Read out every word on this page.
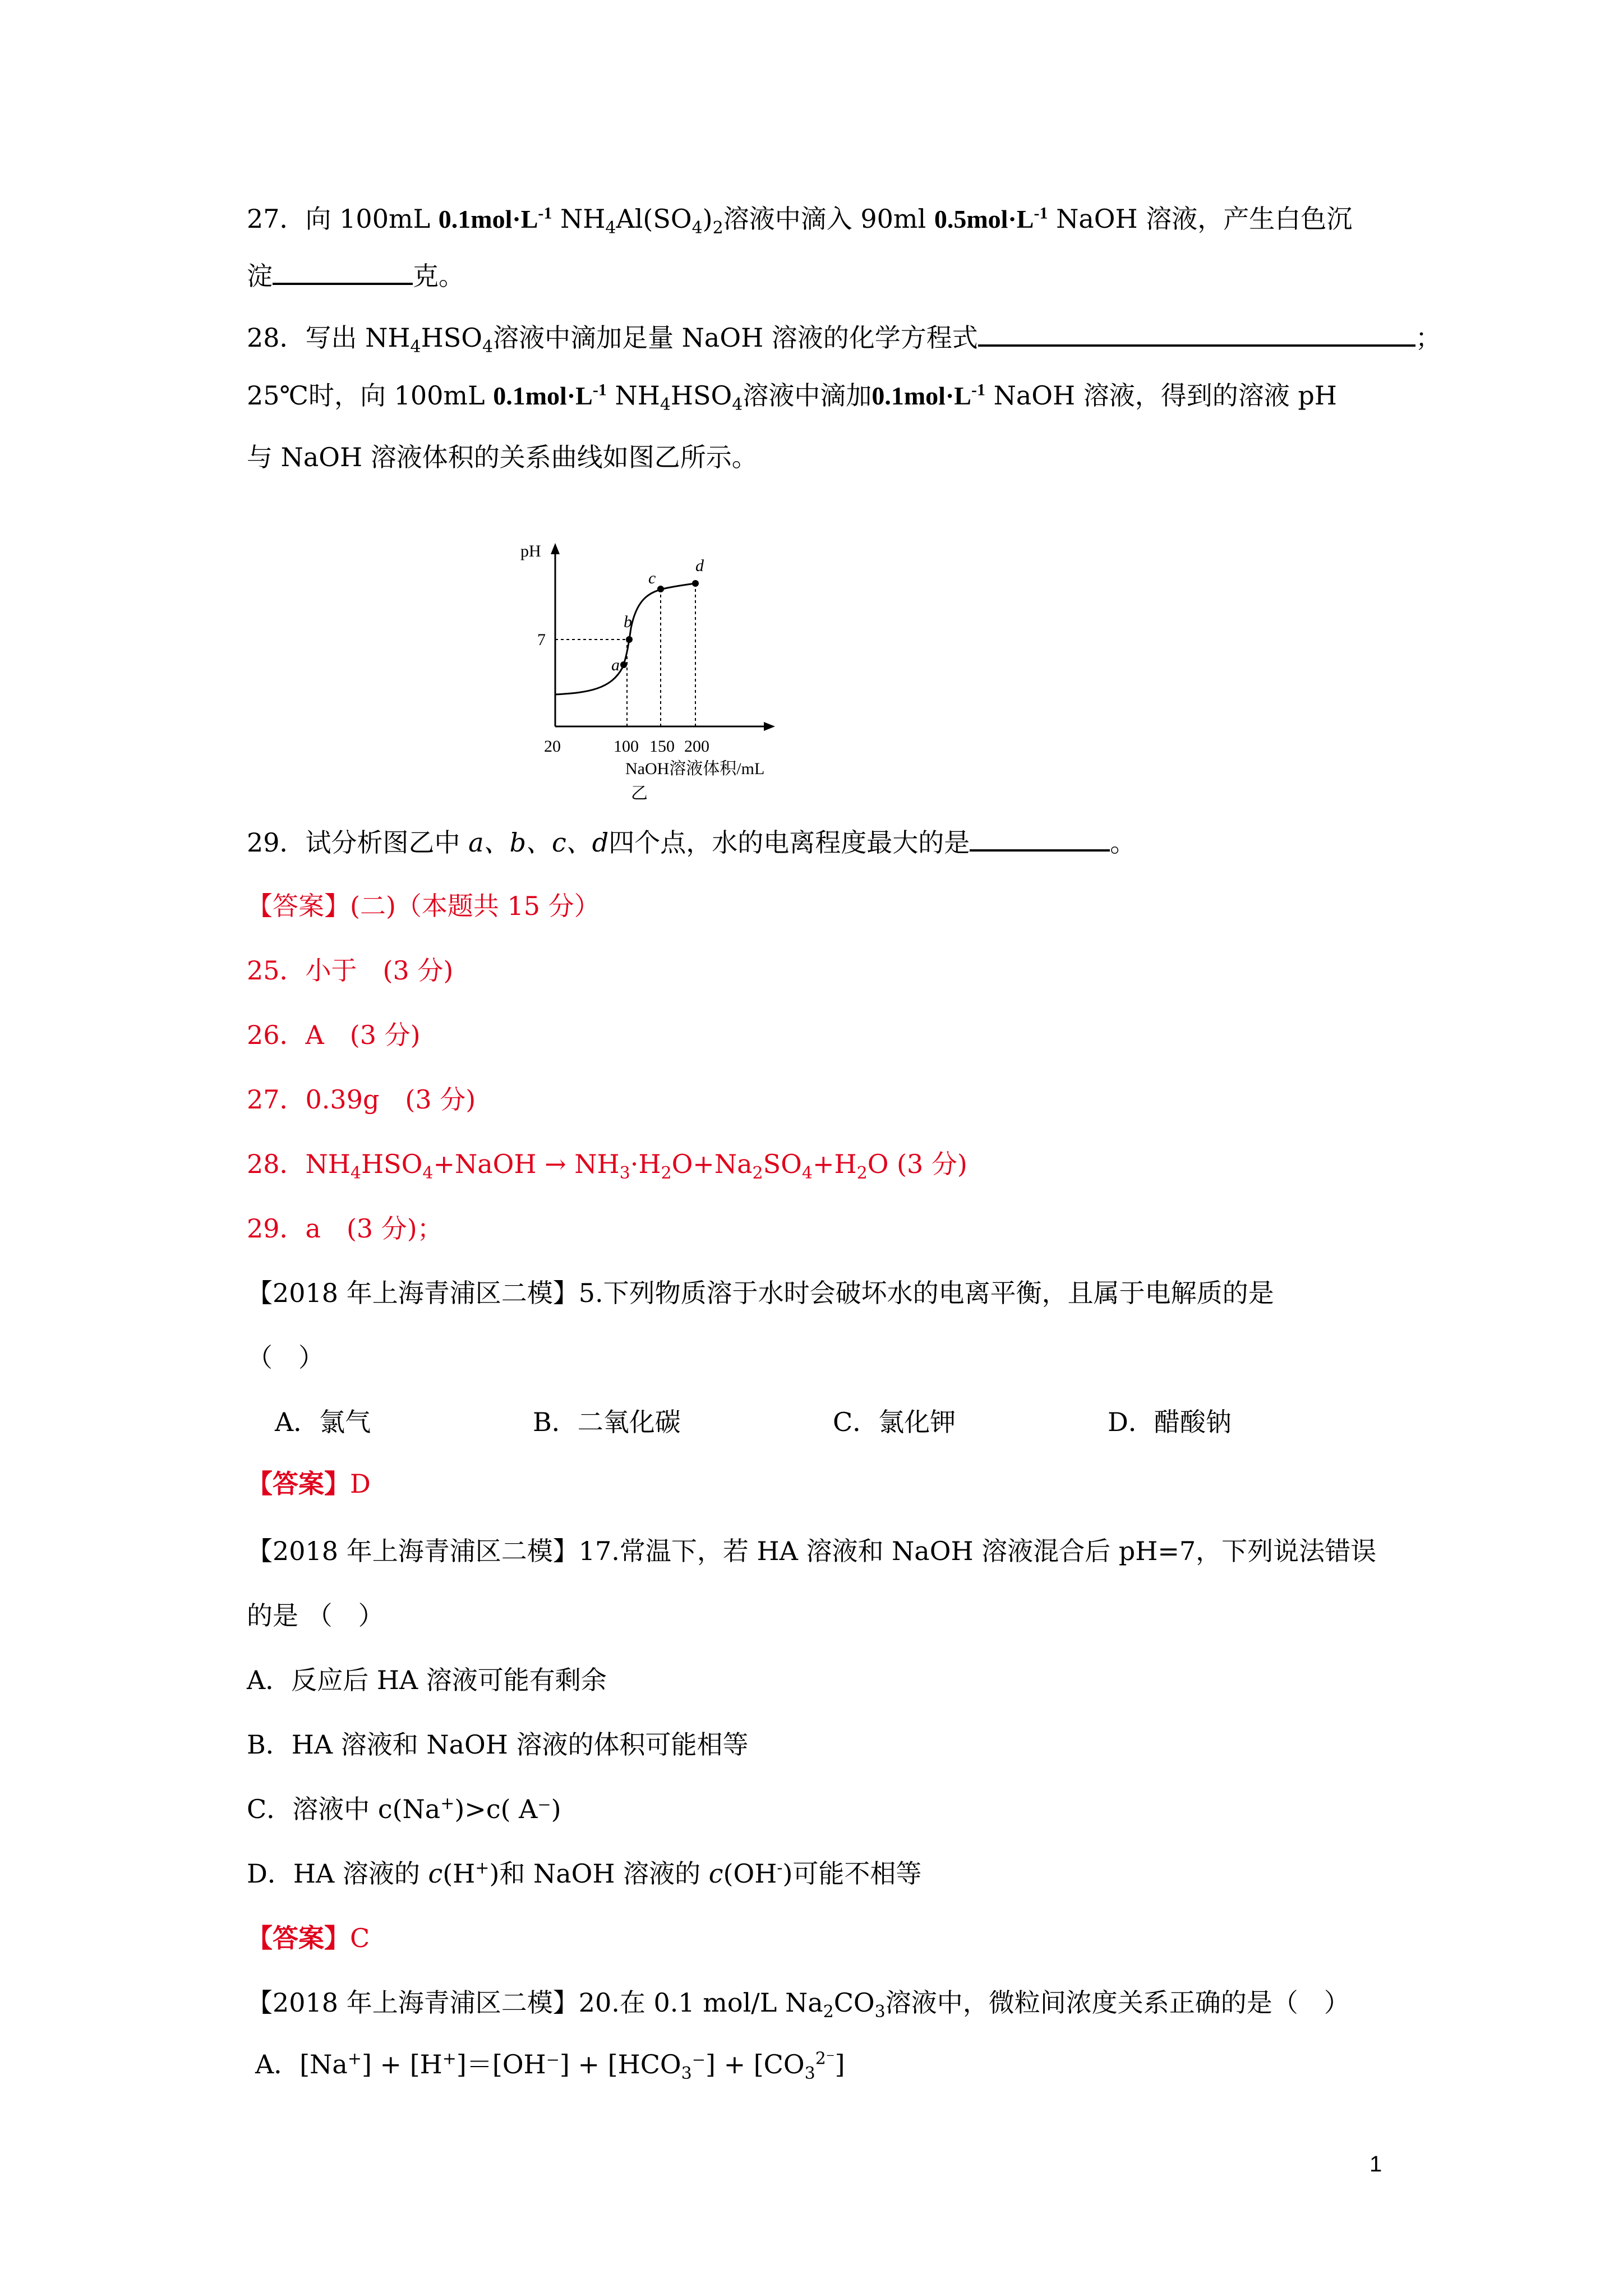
27．向 100mL $0.1mol\cdot L^{-1}$ $NH_4Al(SO_4)_2$溶液中滴入 90ml $0.5mol\cdot L^{-1}$ NaOH 溶液，产生白色沉
淀	克。
28．写出 $NH_4HSO_4$溶液中滴加足量 NaOH 溶液的化学方程式	；
25℃时，向 100mL $0.1mol\cdot L^{-1}$ $NH_4HSO_4$溶液中滴加$0.1mol\cdot L^{-1}$ NaOH 溶液，得到的溶液 pH
与 NaOH 溶液体积的关系曲线如图乙所示。
a
b
c
d
pH
7
20	100 150 200
NaOH溶液体积/mL
乙
29．试分析图乙中 a、b、c、d四个点，水的电离程度最大的是	。
【答案】(二)（本题共 15 分）
25．小于　(3 分)
26．A　(3 分)
27．0.39g　(3 分)
28．$NH_4HSO_4+NaOH \to NH_3\cdot H_2O+Na_2SO_4+H_2O$ (3 分)
29．a　(3 分)；
【2018 年上海青浦区二模】5.下列物质溶于水时会破坏水的电离平衡，且属于电解质的是
（　）
A．氯气	B．二氧化碳	C．氯化钾	D．醋酸钠
【答案】D
【2018 年上海青浦区二模】17.常温下，若 HA 溶液和 NaOH 溶液混合后 pH=7，下列说法错误
的是 （　）
A．反应后 HA 溶液可能有剩余
B．HA 溶液和 NaOH 溶液的体积可能相等
C．溶液中 c(Na+)>c( A⁻)
D．HA 溶液的 c(H+)和 NaOH 溶液的 c(OH-)可能不相等
【答案】C
【2018 年上海青浦区二模】20.在 0.1 mol/L $Na_2CO_3$溶液中，微粒间浓度关系正确的是（　）
A．$[Na^+] + [H^+]=[OH^-] + [HCO_3^-] + [CO_3^{2^-}]$
1
